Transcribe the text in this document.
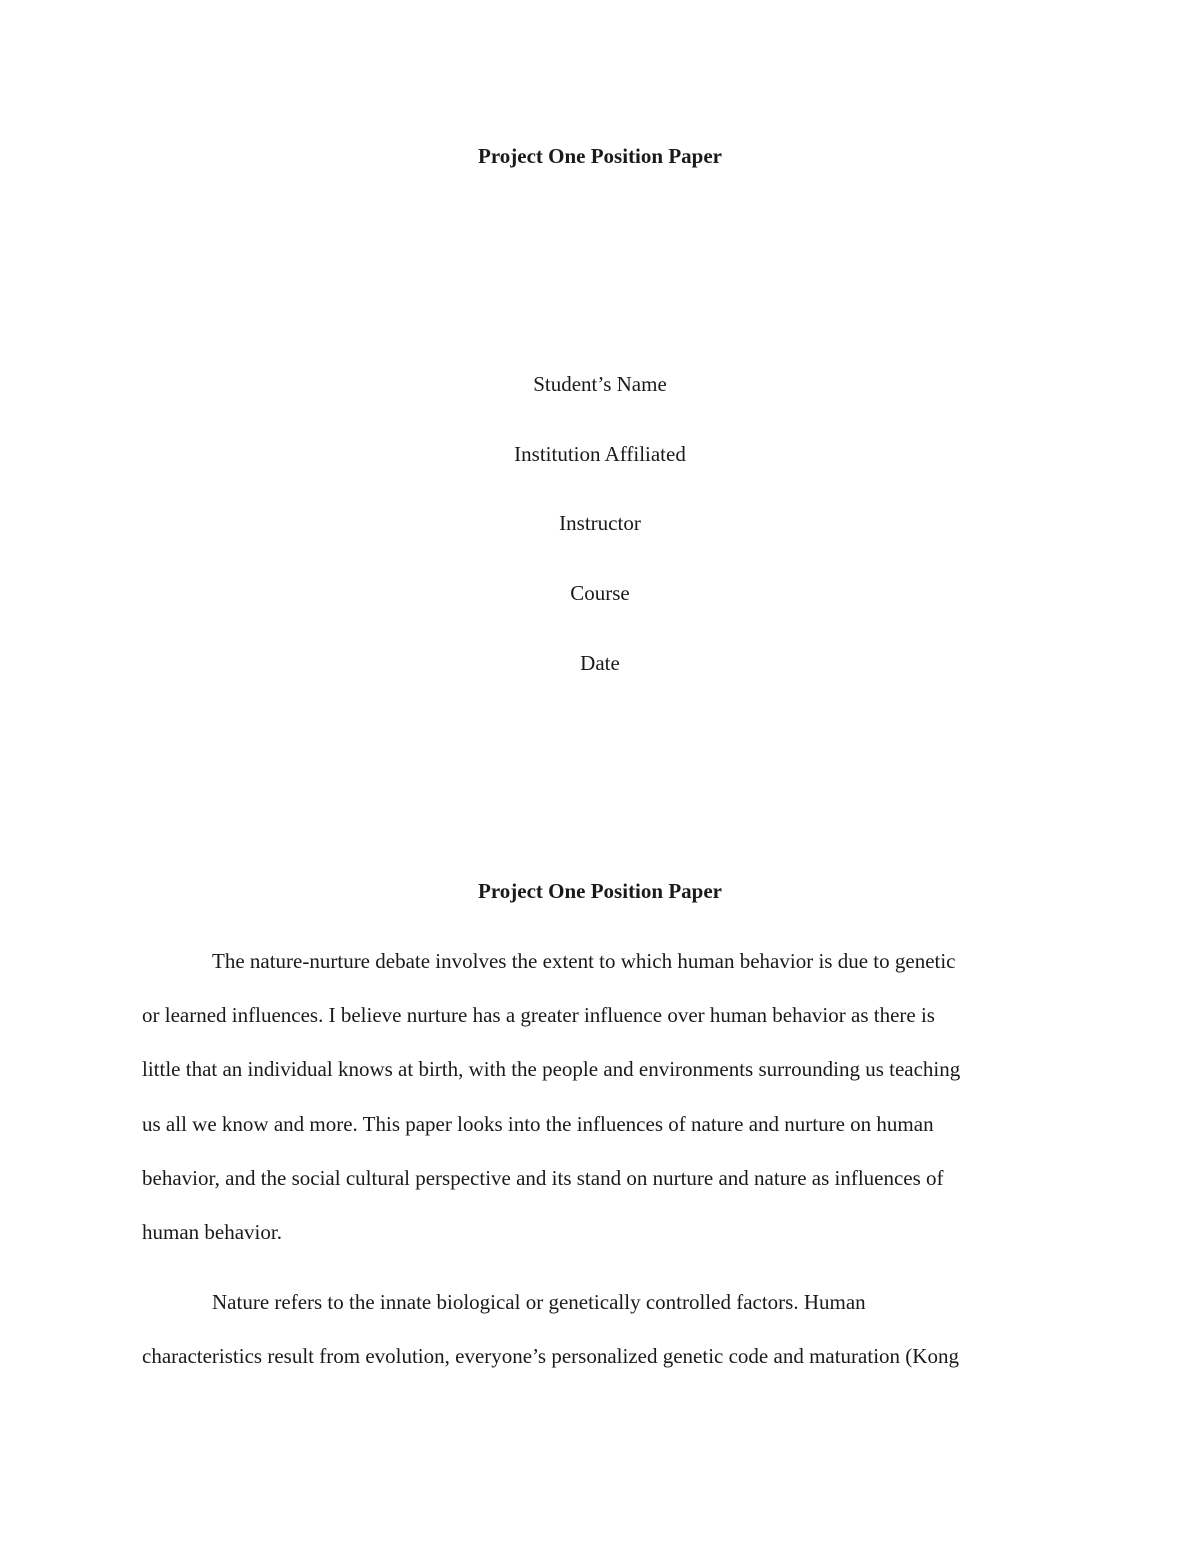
Project One Position Paper
Student’s Name
Institution Affiliated
Instructor
Course
Date
Project One Position Paper
The nature-nurture debate involves the extent to which human behavior is due to genetic
or learned influences. I believe nurture has a greater influence over human behavior as there is
little that an individual knows at birth, with the people and environments surrounding us teaching
us all we know and more. This paper looks into the influences of nature and nurture on human
behavior, and the social cultural perspective and its stand on nurture and nature as influences of
human behavior.
Nature refers to the innate biological or genetically controlled factors. Human
characteristics result from evolution, everyone’s personalized genetic code and maturation (Kong
